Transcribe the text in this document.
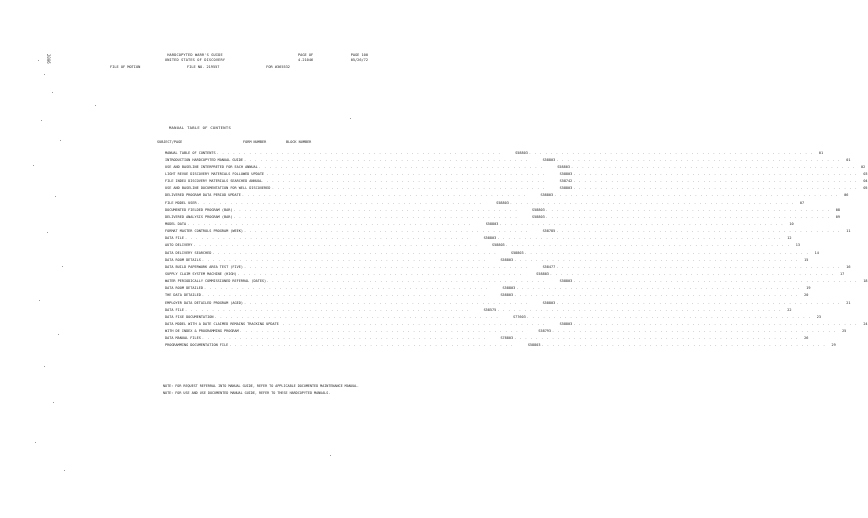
HARDCOPYTED WARR'S GUIDE
UNITED STATES OF DISCOVERY
FILE OF MOTION	FILE NO. 219557	FOR #365532
PAGE OF	PAGE 100
4.21046	05/26/72
2006
MANUAL TABLE OF CONTENTS
SUBJECT/PAGE	FORM NUMBER	BLOCK NUMBER
MANUAL TABLE OF CONTENTS . . . . . . . . . . . . . . . . . . . . . . . . . . . . . . . . . . . . . . . . . . . . . . . . . . . . .	S58803 . . . . . . . . . . . . . . . . . . . . . . . . . . . . . . . . . . . . . . . . . . . . . . . . . . . . .	01
INTRODUCTION HARDCOPYTED MANUAL GUIDE . . . . . . . . . . . . . . . . . . . . . . . . . . . . . . . . . . . . . . . . . . . . . . . . . . . . .	S58803 . . . . . . . . . . . . . . . . . . . . . . . . . . . . . . . . . . . . . . . . . . . . . . . . . . . . .	01
USE AND BASELINE INTERPRETED FOR EACH ANNUAL . . . . . . . . . . . . . . . . . . . . . . . . . . . . . . . . . . . . . . . . . . . . . . . . . . . . .	S58803 . . . . . . . . . . . . . . . . . . . . . . . . . . . . . . . . . . . . . . . . . . . . . . . . . . . . .	02
LIGHT REVUE DISCOVERY MATERIALS FOLLOWED UPDATE
. . . . . . . . . . . . . . . . . . . . . . . . . . . . . . . . . . . . . . . . . . . . . . . . . . . . .	S58803 . . . . . . . . . . . . . . . . . . . . . . . . . . . . . . . . . . . . . . . . . . . . . . . . . . . . .	03
FILE INDEX DISCOVERY MATERIALS SEARCHED ANNUAL . . . . . . . . . . . . . . . . . . . . . . . . . . . . . . . . . . . . . . . . . . . . . . . . . . . . .	S58742 . . . . . . . . . . . . . . . . . . . . . . . . . . . . . . . . . . . . . . . . . . . . . . . . . . . . .	04
USE AND BASELINE DOCUMENTATION FOR WELL DISCOVERED
. . . . . . . . . . . . . . . . . . . . . . . . . . . . . . . . . . . . . . . . . . . . . . . . . . . . .	S58803 . . . . . . . . . . . . . . . . . . . . . . . . . . . . . . . . . . . . . . . . . . . . . . . . . . . . .	05
DELIVERED PROGRAM DATA PERIOD UPDATE . . . . . . . . . . . . . . . . . . . . . . . . . . . . . . . . . . . . . . . . . . . . . . . . . . . . .	S58803 . . . . . . . . . . . . . . . . . . . . . . . . . . . . . . . . . . . . . . . . . . . . . . . . . . . . .	06
FILE MODEL USER . . . . . . . . . . . . . . . . . . . . . . . . . . . . . . . . . . . . . . . . . . . . . . . . . . . . .	S58803 . . . . . . . . . . . . . . . . . . . . . . . . . . . . . . . . . . . . . . . . . . . . . . . . . . . . .	07
DOCUMENTED FIELDED PROGRAM (BAR) . . . . . . . . . . . . . . . . . . . . . . . . . . . . . . . . . . . . . . . . . . . . . . . . . . . . .	S58803 . . . . . . . . . . . . . . . . . . . . . . . . . . . . . . . . . . . . . . . . . . . . . . . . . . . . .	08
DELIVERED ANALYSIS PROGRAM (BAR) . . . . . . . . . . . . . . . . . . . . . . . . . . . . . . . . . . . . . . . . . . . . . . . . . . . . .	S58803 . . . . . . . . . . . . . . . . . . . . . . . . . . . . . . . . . . . . . . . . . . . . . . . . . . . . .	09
MODEL DATA . . . . . . . . . . . . . . . . . . . . . . . . . . . . . . . . . . . . . . . . . . . . . . . . . . . . .	S58803 . . . . . . . . . . . . . . . . . . . . . . . . . . . . . . . . . . . . . . . . . . . . . . . . . . . . .	10
FORMAT MASTER CONTROLS PROGRAM (WEEK) . . . . . . . . . . . . . . . . . . . . . . . . . . . . . . . . . . . . . . . . . . . . . . . . . . . . .	S58785 . . . . . . . . . . . . . . . . . . . . . . . . . . . . . . . . . . . . . . . . . . . . . . . . . . . . .	11
DATA FILE . . . . . . . . . . . . . . . . . . . . . . . . . . . . . . . . . . . . . . . . . . . . . . . . . . . . .	S58803 . . . . . . . . . . . . . . . . . . . . . . . . . . . . . . . . . . . . . . . . . . . . . . . . . . . . .	12
AUTO DELIVERY . . . . . . . . . . . . . . . . . . . . . . . . . . . . . . . . . . . . . . . . . . . . . . . . . . . . .	S58803 . . . . . . . . . . . . . . . . . . . . . . . . . . . . . . . . . . . . . . . . . . . . . . . . . . . . .	13
DATA DELIVERY SEARCHED . . . . . . . . . . . . . . . . . . . . . . . . . . . . . . . . . . . . . . . . . . . . . . . . . . . . .	S58803 . . . . . . . . . . . . . . . . . . . . . . . . . . . . . . . . . . . . . . . . . . . . . . . . . . . . .	14
DATA ROOM DETAILS . . . . . . . . . . . . . . . . . . . . . . . . . . . . . . . . . . . . . . . . . . . . . . . . . . . . .	S58803 . . . . . . . . . . . . . . . . . . . . . . . . . . . . . . . . . . . . . . . . . . . . . . . . . . . . .	15
DATA BUILD PAPERWORK AREA TEST (FIVE) . . . . . . . . . . . . . . . . . . . . . . . . . . . . . . . . . . . . . . . . . . . . . . . . . . . . .	S58477 . . . . . . . . . . . . . . . . . . . . . . . . . . . . . . . . . . . . . . . . . . . . . . . . . . . . .	16
SUPPLY CLAIM SYSTEM MACHINE (HIGH) . . . . . . . . . . . . . . . . . . . . . . . . . . . . . . . . . . . . . . . . . . . . . . . . . . . . .	S58803 . . . . . . . . . . . . . . . . . . . . . . . . . . . . . . . . . . . . . . . . . . . . . . . . . . . . .	17
WATER PERIODICALLY COMMISSIONED REFERRAL (DATES)
. . . . . . . . . . . . . . . . . . . . . . . . . . . . . . . . . . . . . . . . . . . . . . . . . . . . .	S58803 . . . . . . . . . . . . . . . . . . . . . . . . . . . . . . . . . . . . . . . . . . . . . . . . . . . . .	18
DATA ROOM DETAILED . . . . . . . . . . . . . . . . . . . . . . . . . . . . . . . . . . . . . . . . . . . . . . . . . . . . .	S58803 . . . . . . . . . . . . . . . . . . . . . . . . . . . . . . . . . . . . . . . . . . . . . . . . . . . . .	19
THE DATA DETAILED . . . . . . . . . . . . . . . . . . . . . . . . . . . . . . . . . . . . . . . . . . . . . . . . . . . . .	S58803 . . . . . . . . . . . . . . . . . . . . . . . . . . . . . . . . . . . . . . . . . . . . . . . . . . . . .	20
EMPLOYER DATA DETAILED PROGRAM (AGED) . . . . . . . . . . . . . . . . . . . . . . . . . . . . . . . . . . . . . . . . . . . . . . . . . . . . .	S58803 . . . . . . . . . . . . . . . . . . . . . . . . . . . . . . . . . . . . . . . . . . . . . . . . . . . . .	21
DATA FILE . . . . . . . . . . . . . . . . . . . . . . . . . . . . . . . . . . . . . . . . . . . . . . . . . . . . .	S58575 . . . . . . . . . . . . . . . . . . . . . . . . . . . . . . . . . . . . . . . . . . . . . . . . . . . . .	22
DATA FIXE DOCUMENTATION . . . . . . . . . . . . . . . . . . . . . . . . . . . . . . . . . . . . . . . . . . . . . . . . . . . . .	S77603 . . . . . . . . . . . . . . . . . . . . . . . . . . . . . . . . . . . . . . . . . . . . . . . . . . . . .	23
DATA MODEL WITH A DATE CLAIMED REMAINS TRACKING UPDATE
. . . . . . . . . . . . . . . . . . . . . . . . . . . . . . . . . . . . . . . . . . . . . . . . . . . . .	S58803 . . . . . . . . . . . . . . . . . . . . . . . . . . . . . . . . . . . . . . . . . . . . . . . . . . . . .	24
WITH DE INDEX & PROGRAMMING PROGRAM . . . . . . . . . . . . . . . . . . . . . . . . . . . . . . . . . . . . . . . . . . . . . . . . . . . . .	S58793 . . . . . . . . . . . . . . . . . . . . . . . . . . . . . . . . . . . . . . . . . . . . . . . . . . . . .	25
DATA MANUAL FILES . . . . . . . . . . . . . . . . . . . . . . . . . . . . . . . . . . . . . . . . . . . . . . . . . . . . .	S78803 . . . . . . . . . . . . . . . . . . . . . . . . . . . . . . . . . . . . . . . . . . . . . . . . . . . . .	26
PROGRAMMING DOCUMENTATION FILE . . . . . . . . . . . . . . . . . . . . . . . . . . . . . . . . . . . . . . . . . . . . . . . . . . . . .	S58803 . . . . . . . . . . . . . . . . . . . . . . . . . . . . . . . . . . . . . . . . . . . . . . . . . . . . .	29
NOTE: FOR REQUEST REFERRAL INTO MANUAL GUIDE, REFER TO APPLICABLE DOCUMENTED MAINTENANCE MANUAL.
NOTE: FOR USE AND USE DOCUMENTED MANUAL GUIDE, REFER TO THESE HARDCOPYTED MANUALS.
